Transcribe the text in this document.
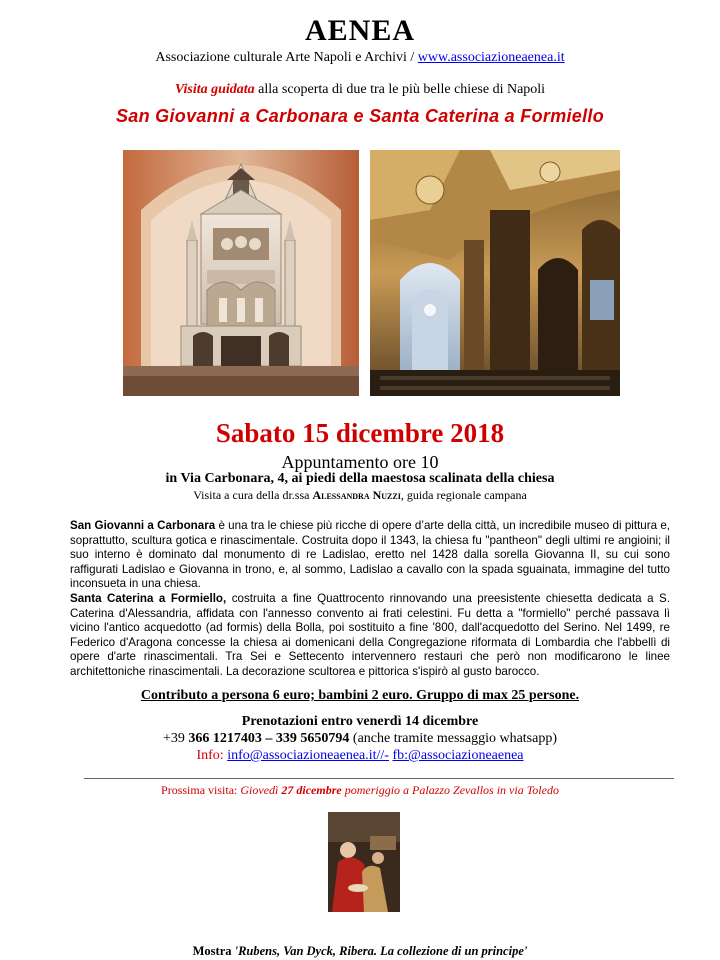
AENEA
Associazione culturale Arte Napoli e Archivi / www.associazioneaenea.it
Visita guidata alla scoperta di due tra le più belle chiese di Napoli
San Giovanni a Carbonara e Santa Caterina a Formiello
Sabato 15 dicembre 2018
Appuntamento ore 10
in Via Carbonara, 4, ai piedi della maestosa scalinata della chiesa
Visita a cura della dr.ssa Alessandra Nuzzi, guida regionale campana

San Giovanni a Carbonara è una tra le chiese più ricche di opere d’arte della città, un incredibile museo di pittura e, soprattutto, scultura gotica e rinascimentale. Costruita dopo il 1343, la chiesa fu "pantheon" degli ultimi re angioini; il suo interno è dominato dal monumento di re Ladislao, eretto nel 1428 dalla sorella Giovanna II, su cui sono raffigurati Ladislao e Giovanna in trono, e, al sommo, Ladislao a cavallo con la spada sguainata, immagine del tutto inconsueta in una chiesa.

Santa Caterina a Formiello, costruita a fine Quattrocento rinnovando una preesistente chiesetta dedicata a S. Caterina d'Alessandria, affidata con l'annesso convento ai frati celestini. Fu detta a "formiello" perché passava lì vicino l'antico acquedotto (ad formis) della Bolla, poi sostituito a fine '800, dall'acquedotto del Serino. Nel 1499, re Federico d'Aragona concesse la chiesa ai domenicani della Congregazione riformata di Lombardia che l'abbellì di opere d'arte rinascimentali. Tra Sei e Settecento intervennero restauri che però non modificarono le linee architettoniche rinascimentali. La decorazione scultorea e pittorica s'ispirò al gusto barocco.

Contributo a persona 6 euro; bambini 2 euro. Gruppo di max 25 persone.
Prenotazioni entro venerdì 14 dicembre
+39 366 1217403 – 339 5650794 (anche tramite messaggio whatsapp)
Info: info@associazioneaenea.it//- fb:@associazioneaenea
Prossima visita: Giovedì 27 dicembre pomeriggio a Palazzo Zevallos in via Toledo
Mostra 'Rubens, Van Dyck, Ribera. La collezione di un principe'
